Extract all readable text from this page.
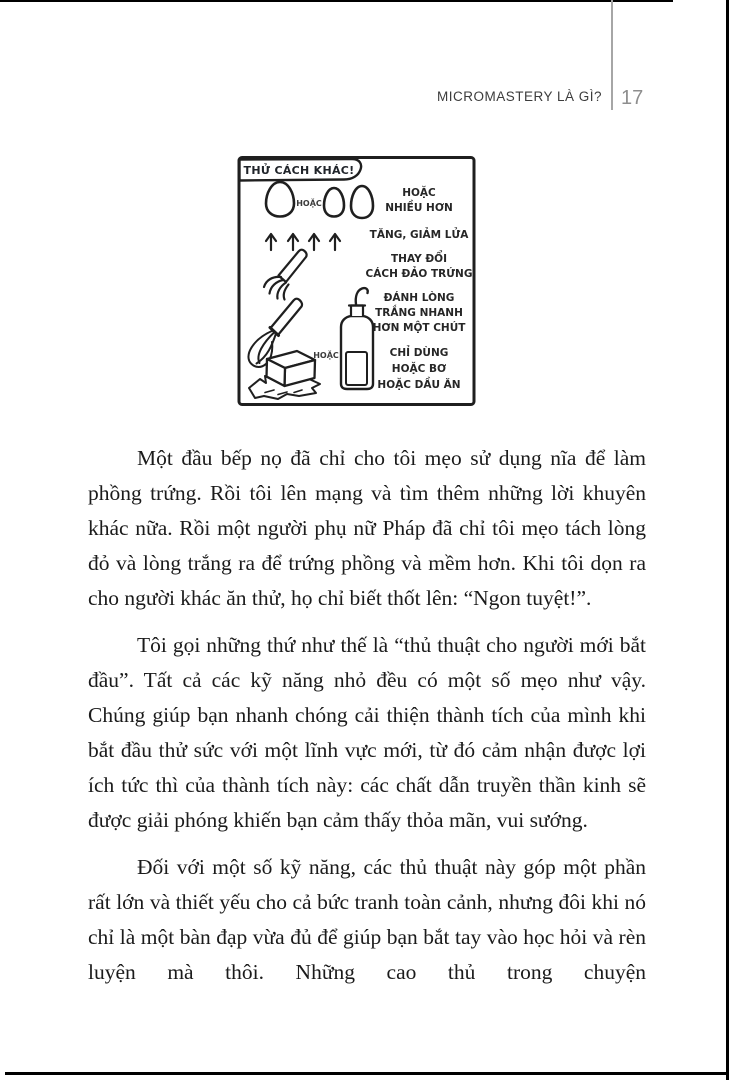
MICROMASTERY LÀ GÌ? 17
THỬ CÁCH KHÁC!
HOẶC
HOẶC
NHIỀU HƠN
TĂNG, GIẢM LỬA
THAY ĐỔI
CÁCH ĐẢO TRỨNG
ĐÁNH LÒNG
TRẮNG NHANH
HƠN MỘT CHÚT
HOẶC	CHỈ DÙNG
HOẶC BƠ
HOẶC DẦU ĂN

Một đầu bếp nọ đã chỉ cho tôi mẹo sử dụng nĩa để làm phồng trứng. Rồi tôi lên mạng và tìm thêm những lời khuyên khác nữa. Rồi một người phụ nữ Pháp đã chỉ tôi mẹo tách lòng đỏ và lòng trắng ra để trứng phồng và mềm hơn. Khi tôi dọn ra cho người khác ăn thử, họ chỉ biết thốt lên: “Ngon tuyệt!”.

Tôi gọi những thứ như thế là “thủ thuật cho người mới bắt đầu”. Tất cả các kỹ năng nhỏ đều có một số mẹo như vậy. Chúng giúp bạn nhanh chóng cải thiện thành tích của mình khi bắt đầu thử sức với một lĩnh vực mới, từ đó cảm nhận được lợi ích tức thì của thành tích này: các chất dẫn truyền thần kinh sẽ được giải phóng khiến bạn cảm thấy thỏa mãn, vui sướng.

Đối với một số kỹ năng, các thủ thuật này góp một phần rất lớn và thiết yếu cho cả bức tranh toàn cảnh, nhưng đôi khi nó chỉ là một bàn đạp vừa đủ để giúp bạn bắt tay vào học hỏi và rèn luyện mà thôi. Những cao thủ trong chuyện
